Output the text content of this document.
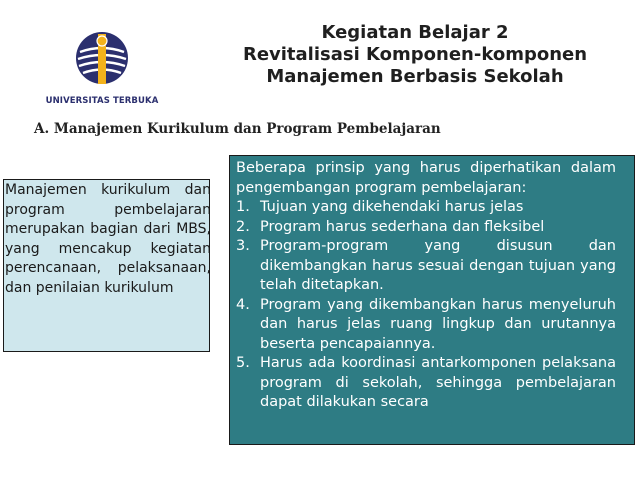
UNIVERSITAS TERBUKA
Kegiatan Belajar 2
Revitalisasi Komponen-komponen
Manajemen Berbasis Sekolah
A. Manajemen Kurikulum dan Program Pembelajaran
Manajemen kurikulum dan program pembelajaran merupakan bagian dari MBS, yang mencakup kegiatan perencanaan, pelaksanaan, dan penilaian kurikulum

Beberapa prinsip yang harus diperhatikan dalam pengembangan program pembelajaran:

1. Tujuan yang dikehendaki harus jelas
2. Program harus sederhana dan fleksibel
3. Program-program yang disusun dan dikembangkan harus sesuai dengan tujuan yang telah ditetapkan.
4. Program yang dikembangkan harus menyeluruh dan harus jelas ruang lingkup dan urutannya beserta pencapaiannya.
5. Harus ada koordinasi antarkomponen pelaksana program di sekolah, sehingga pembelajaran dapat dilakukan secara
